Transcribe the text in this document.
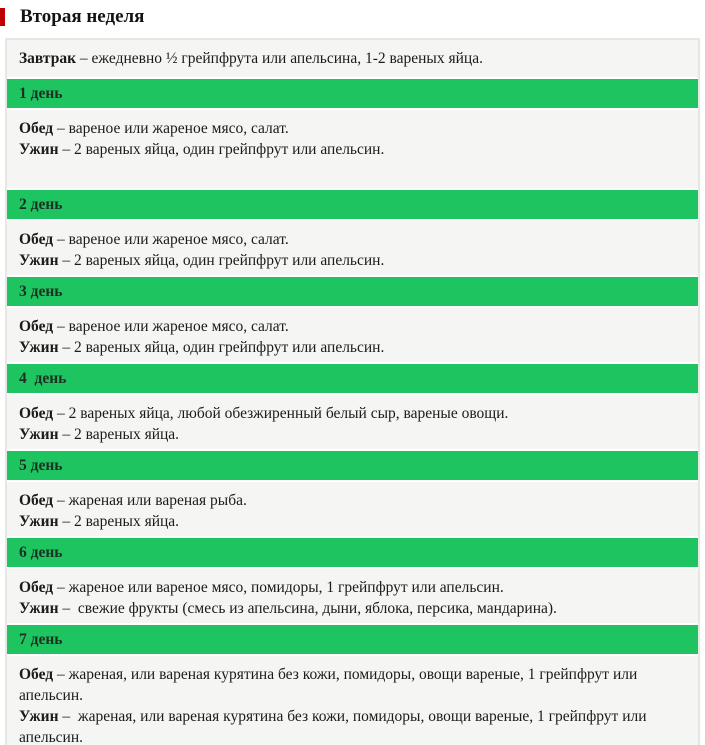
Вторая неделя

Завтрак – ежедневно ½ грейпфрута или апельсина, 1-2 вареных яйца.

1 день

Обед – вареное или жареное мясо, салат.

Ужин – 2 вареных яйца, один грейпфрут или апельсин.

2 день

Обед – вареное или жареное мясо, салат.

Ужин – 2 вареных яйца, один грейпфрут или апельсин.

3 день

Обед – вареное или жареное мясо, салат.

Ужин – 2 вареных яйца, один грейпфрут или апельсин.

4  день

Обед – 2 вареных яйца, любой обезжиренный белый сыр, вареные овощи.

Ужин – 2 вареных яйца.

5 день

Обед – жареная или вареная рыба.

Ужин – 2 вареных яйца.

6 день

Обед – жареное или вареное мясо, помидоры, 1 грейпфрут или апельсин.

Ужин –  свежие фрукты (смесь из апельсина, дыни, яблока, персика, мандарина).

7 день

Обед – жареная, или вареная курятина без кожи, помидоры, овощи вареные, 1 грейпфрут или апельсин.

Ужин –  жареная, или вареная курятина без кожи, помидоры, овощи вареные, 1 грейпфрут или апельсин.
